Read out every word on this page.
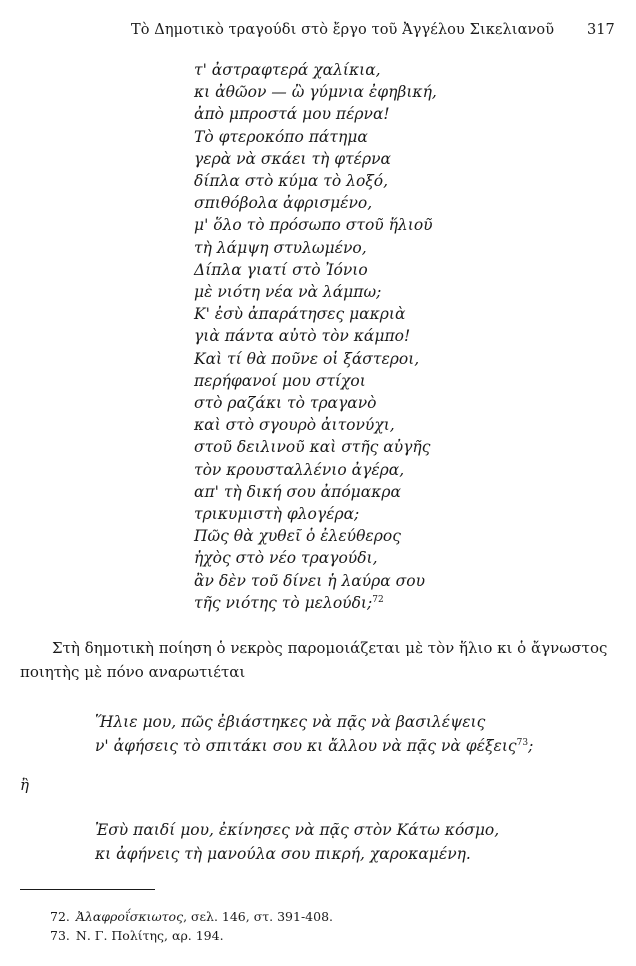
Τὸ Δημοτικὸ τραγούδι στὸ ἔργο τοῦ Ἀγγέλου Σικελιανοῦ 317
τ' ἀστραφτερά χαλίκια,
κι ἀθῶον — ὢ γύμνια ἐφηβική,
ἀπὸ μπροστά μου πέρνα!
Τὸ φτεροκόπο πάτημα
γερὰ νὰ σκάει τὴ φτέρνα
δίπλα στὸ κύμα τὸ λοξό,
σπιθόβολα ἀφρισμένο,
μ' ὅλο τὸ πρόσωπο στοῦ ἥλιοῦ
τὴ λάμψη στυλωμένο,
Δίπλα γιατί στὸ Ἰόνιο
μὲ νιότη νέα νὰ λάμπω;
Κ' ἐσὺ ἀπαράτησες μακριὰ
γιὰ πάντα αὐτὸ τὸν κάμπο!
Καὶ τί θὰ ποῦνε οἱ ξάστεροι,
περήφανοί μου στίχοι
στὸ ραζάκι τὸ τραγανὸ
καὶ στὸ σγουρὸ ἀιτονύχι,
στοῦ δειλινοῦ καὶ στῆς αὐγῆς
τὸν κρουσταλλένιο ἀγέρα,
απ' τὴ δική σου ἀπόμακρα
τρικυμιστὴ φλογέρα;
Πῶς θὰ χυθεῖ ὁ ἐλεύθερος
ἠχὸς στὸ νέο τραγούδι,
ἂν δὲν τοῦ δίνει ἡ λαύρα σου
τῆς νιότης τὸ μελούδι;$^{72}$
Στὴ δημοτικὴ ποίηση ὁ νεκρὸς παρομοιάζεται μὲ τὸν ἥλιο κι ὁ ἄγνωστος
ποιητὴς μὲ πόνο αναρωτιέται
Ἥλιε μου, πῶς ἐβιάστηκες νὰ πᾷς νὰ βασιλέψεις
ν' ἀφήσεις τὸ σπιτάκι σου κι ἄλλου νὰ πᾷς νὰ φέξεις$^{73}$;
ἢ
Ἐσὺ παιδί μου, ἐκίνησες νὰ πᾷς στὸν Κάτω κόσμο,
κι ἀφήνεις τὴ μανούλα σου πικρή, χαροκαμένη.
72. Ἀλαφροΐσκιωτος, σελ. 146, στ. 391-408.
73. Ν. Γ. Πολίτης, αρ. 194.
